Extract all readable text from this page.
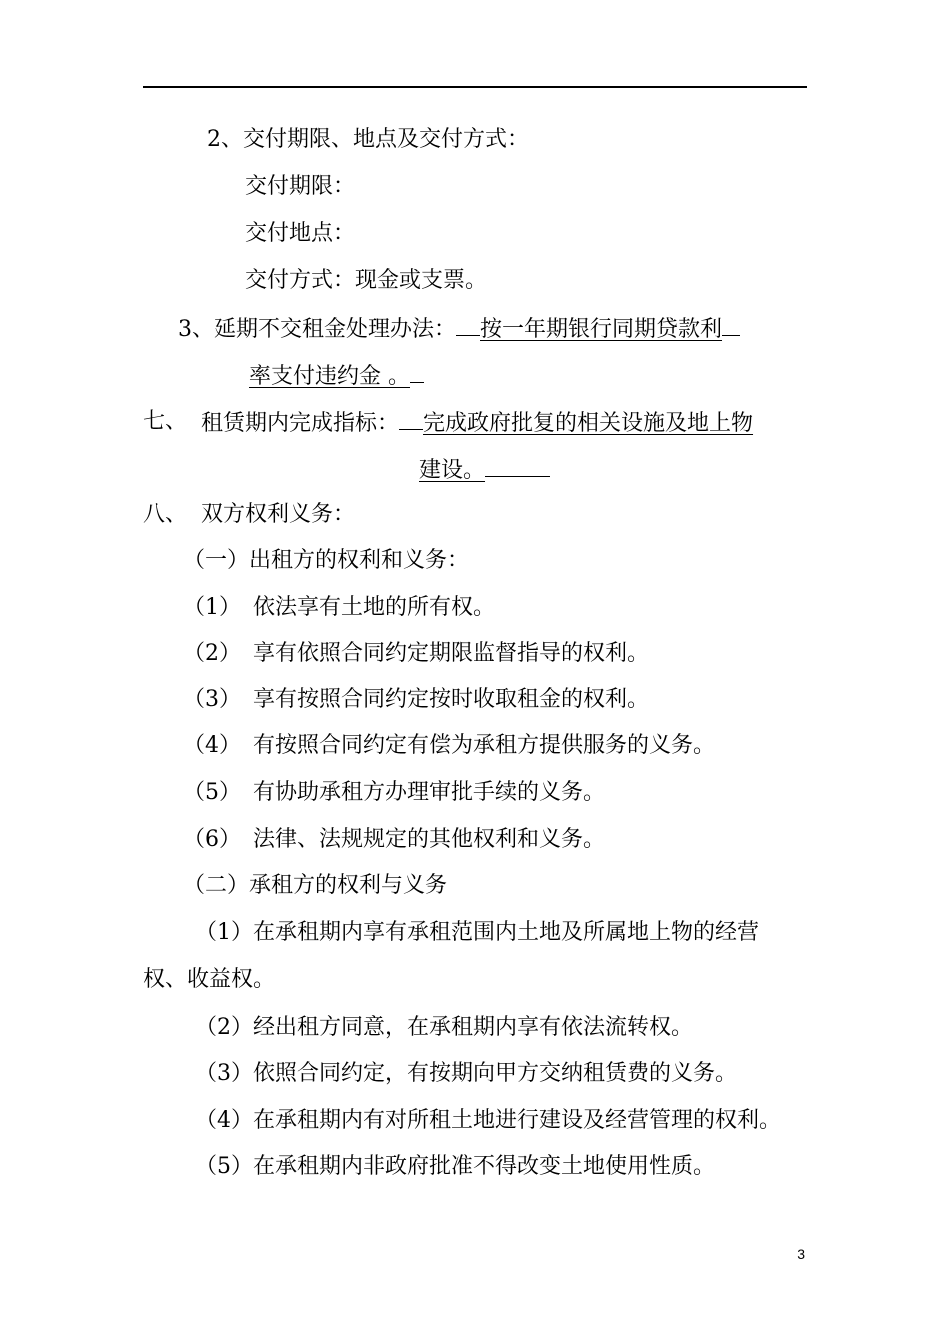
2、交付期限、地点及交付方式：
交付期限：
交付地点：
交付方式：现金或支票。
3、延期不交租金处理办法： 按一年期银行同期贷款利
率支付违约金 。
七、 租赁期内完成指标： 完成政府批复的相关设施及地上物
建设。
八、 双方权利义务：
（一）出租方的权利和义务：
（1） 依法享有土地的所有权。
（2） 享有依照合同约定期限监督指导的权利。
（3） 享有按照合同约定按时收取租金的权利。
（4） 有按照合同约定有偿为承租方提供服务的义务。
（5） 有协助承租方办理审批手续的义务。
（6） 法律、法规规定的其他权利和义务。
（二）承租方的权利与义务
（1）在承租期内享有承租范围内土地及所属地上物的经营
权、收益权。
（2）经出租方同意，在承租期内享有依法流转权。
（3）依照合同约定，有按期向甲方交纳租赁费的义务。
（4）在承租期内有对所租土地进行建设及经营管理的权利。
（5）在承租期内非政府批准不得改变土地使用性质。
3
